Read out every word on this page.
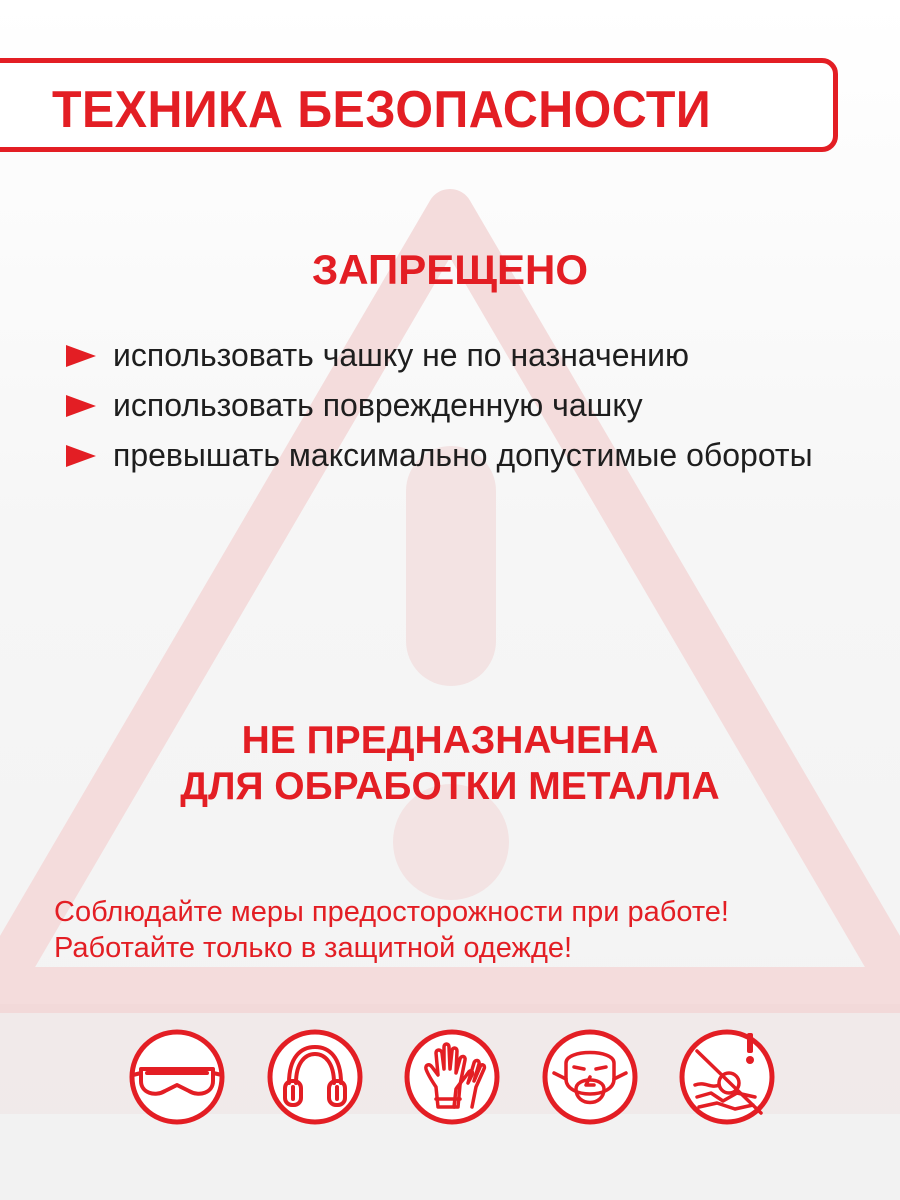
ТЕХНИКА БЕЗОПАСНОСТИ
ЗАПРЕЩЕНО
использовать чашку не по назначению
использовать поврежденную чашку
превышать максимально допустимые обороты

НЕ ПРЕДНАЗНАЧЕНА
ДЛЯ ОБРАБОТКИ МЕТАЛЛА

Соблюдайте меры предосторожности при работе!
Работайте только в защитной одежде!
